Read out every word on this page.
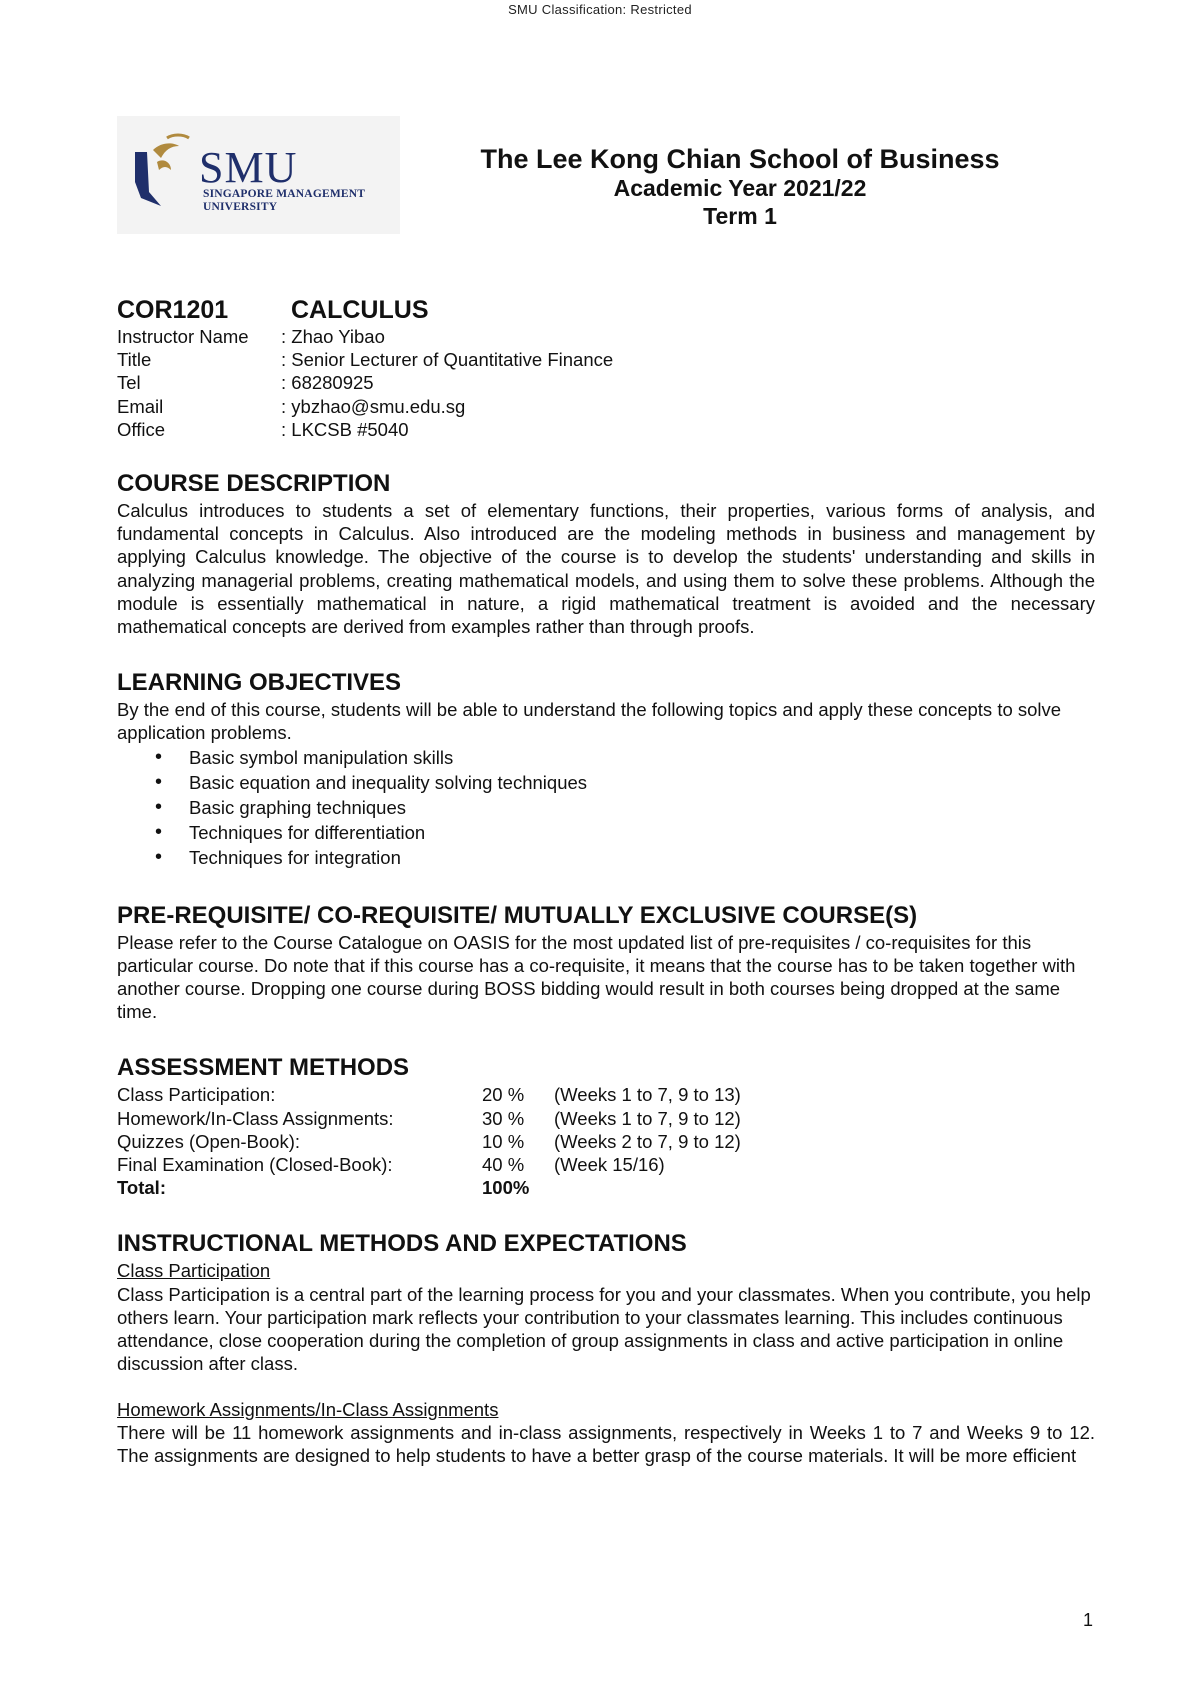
SMU Classification: Restricted
SMU
SINGAPORE MANAGEMENT
UNIVERSITY
The Lee Kong Chian School of Business
Academic Year 2021/22
Term 1
COR1201	CALCULUS
Instructor Name	: Zhao Yibao
Title	: Senior Lecturer of Quantitative Finance
Tel	: 68280925
Email	: ybzhao@smu.edu.sg
Office	: LKCSB #5040
COURSE DESCRIPTION

Calculus introduces to students a set of elementary functions, their properties, various forms of analysis, and fundamental concepts in Calculus. Also introduced are the modeling methods in business and management by applying Calculus knowledge. The objective of the course is to develop the students' understanding and skills in analyzing managerial problems, creating mathematical models, and using them to solve these problems. Although the module is essentially mathematical in nature, a rigid mathematical treatment is avoided and the necessary mathematical concepts are derived from examples rather than through proofs.

LEARNING OBJECTIVES

By the end of this course, students will be able to understand the following topics and apply these concepts to solve application problems.

• Basic symbol manipulation skills
• Basic equation and inequality solving techniques
• Basic graphing techniques
• Techniques for differentiation
• Techniques for integration
PRE-REQUISITE/ CO-REQUISITE/ MUTUALLY EXCLUSIVE COURSE(S)

Please refer to the Course Catalogue on OASIS for the most updated list of pre-requisites / co-requisites for this particular course. Do note that if this course has a co-requisite, it means that the course has to be taken together with another course. Dropping one course during BOSS bidding would result in both courses being dropped at the same time.

ASSESSMENT METHODS
Class Participation:	20 %	(Weeks 1 to 7, 9 to 13)
Homework/In-Class Assignments:	30 %	(Weeks 1 to 7, 9 to 12)
Quizzes (Open-Book):	10 %	(Weeks 2 to 7, 9 to 12)
Final Examination (Closed-Book):	40 %	(Week 15/16)
Total:	100%
INSTRUCTIONAL METHODS AND EXPECTATIONS
Class Participation

Class Participation is a central part of the learning process for you and your classmates. When you contribute, you help others learn. Your participation mark reflects your contribution to your classmates learning. This includes continuous attendance, close cooperation during the completion of group assignments in class and active participation in online discussion after class.

Homework Assignments/In-Class Assignments

There will be 11 homework assignments and in-class assignments, respectively in Weeks 1 to 7 and Weeks 9 to 12. The assignments are designed to help students to have a better grasp of the course materials. It will be more efficient

1
